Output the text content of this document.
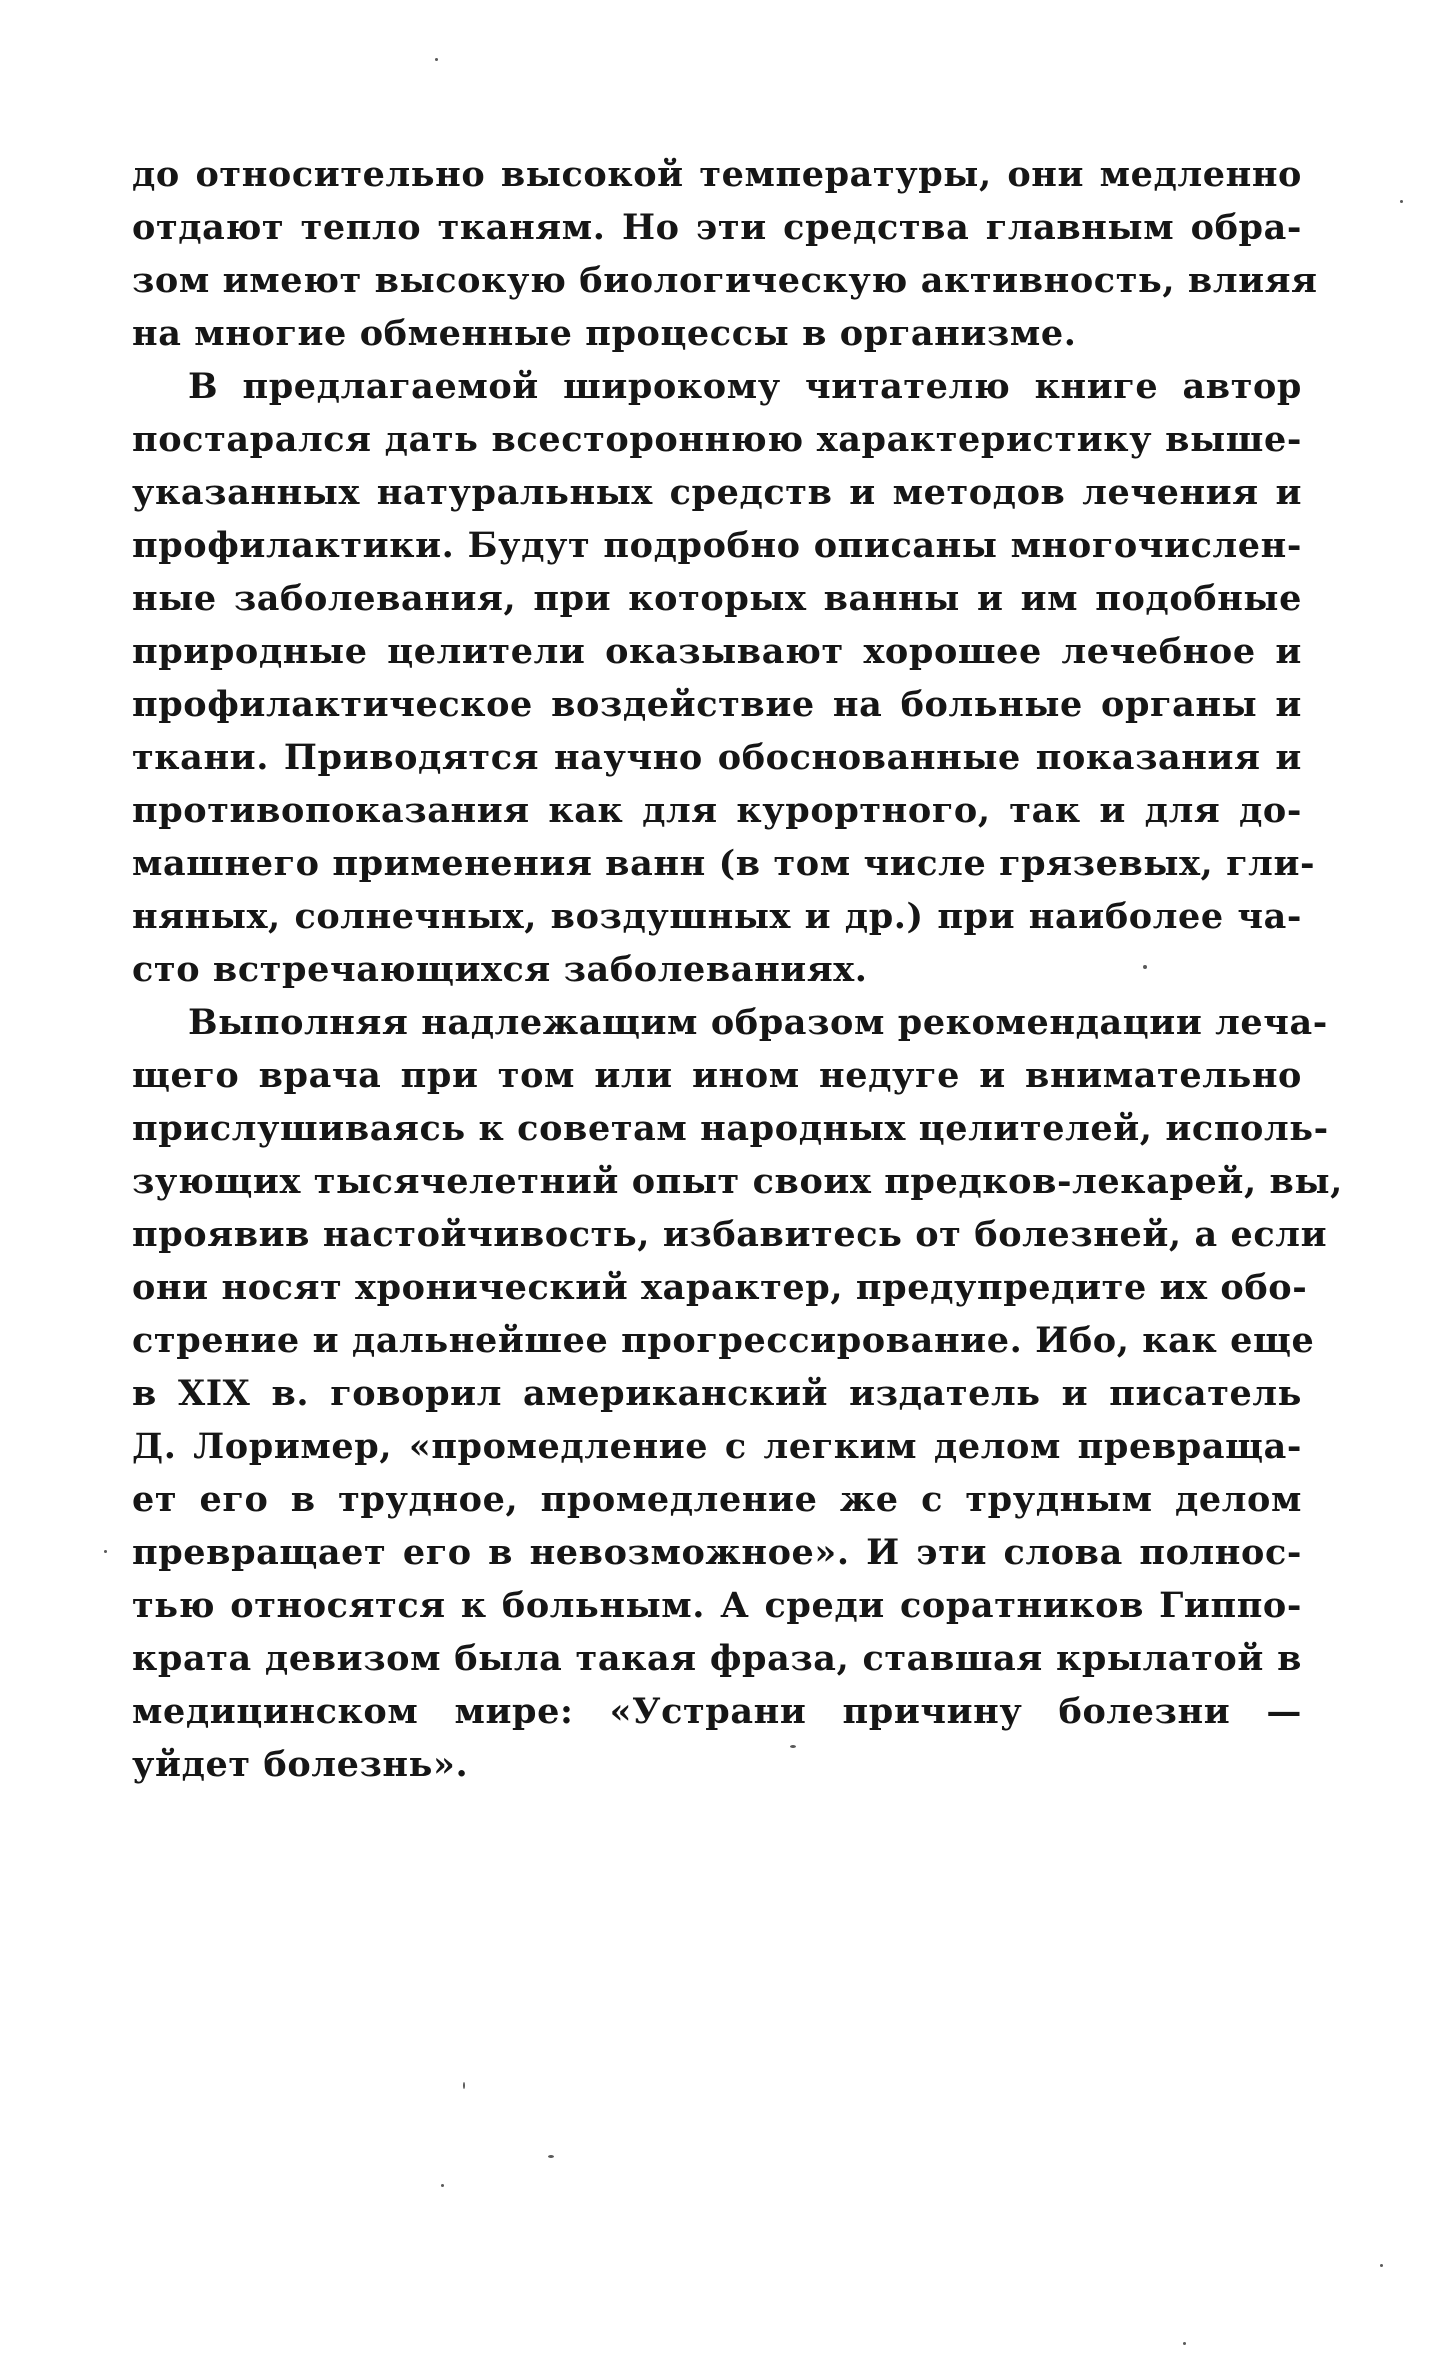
до относительно высокой температуры, они медленно
отдают тепло тканям. Но эти средства главным обра-
зом имеют высокую биологическую активность, влияя
на многие обменные процессы в организме.

В предлагаемой широкому читателю книге автор
постарался дать всестороннюю характеристику выше-
указанных натуральных средств и методов лечения и
профилактики. Будут подробно описаны многочислен-
ные заболевания, при которых ванны и им подобные
природные целители оказывают хорошее лечебное и
профилактическое воздействие на больные органы и
ткани. Приводятся научно обоснованные показания и
противопоказания как для курортного, так и для до-
машнего применения ванн (в том числе грязевых, гли-
няных, солнечных, воздушных и др.) при наиболее ча-
сто встречающихся заболеваниях.

Выполняя надлежащим образом рекомендации леча-
щего врача при том или ином недуге и внимательно
прислушиваясь к советам народных целителей, исполь-
зующих тысячелетний опыт своих предков-лекарей, вы,
проявив настойчивость, избавитесь от болезней, а если
они носят хронический характер, предупредите их обо-
стрение и дальнейшее прогрессирование. Ибо, как еще
в XIX в. говорил американский издатель и писатель
Д. Лоример, «промедление с легким делом превраща-
ет его в трудное, промедление же с трудным делом
превращает его в невозможное». И эти слова полнос-
тью относятся к больным. А среди соратников Гиппо-
крата девизом была такая фраза, ставшая крылатой в
медицинском мире: «Устрани причину болезни —
уйдет болезнь».
